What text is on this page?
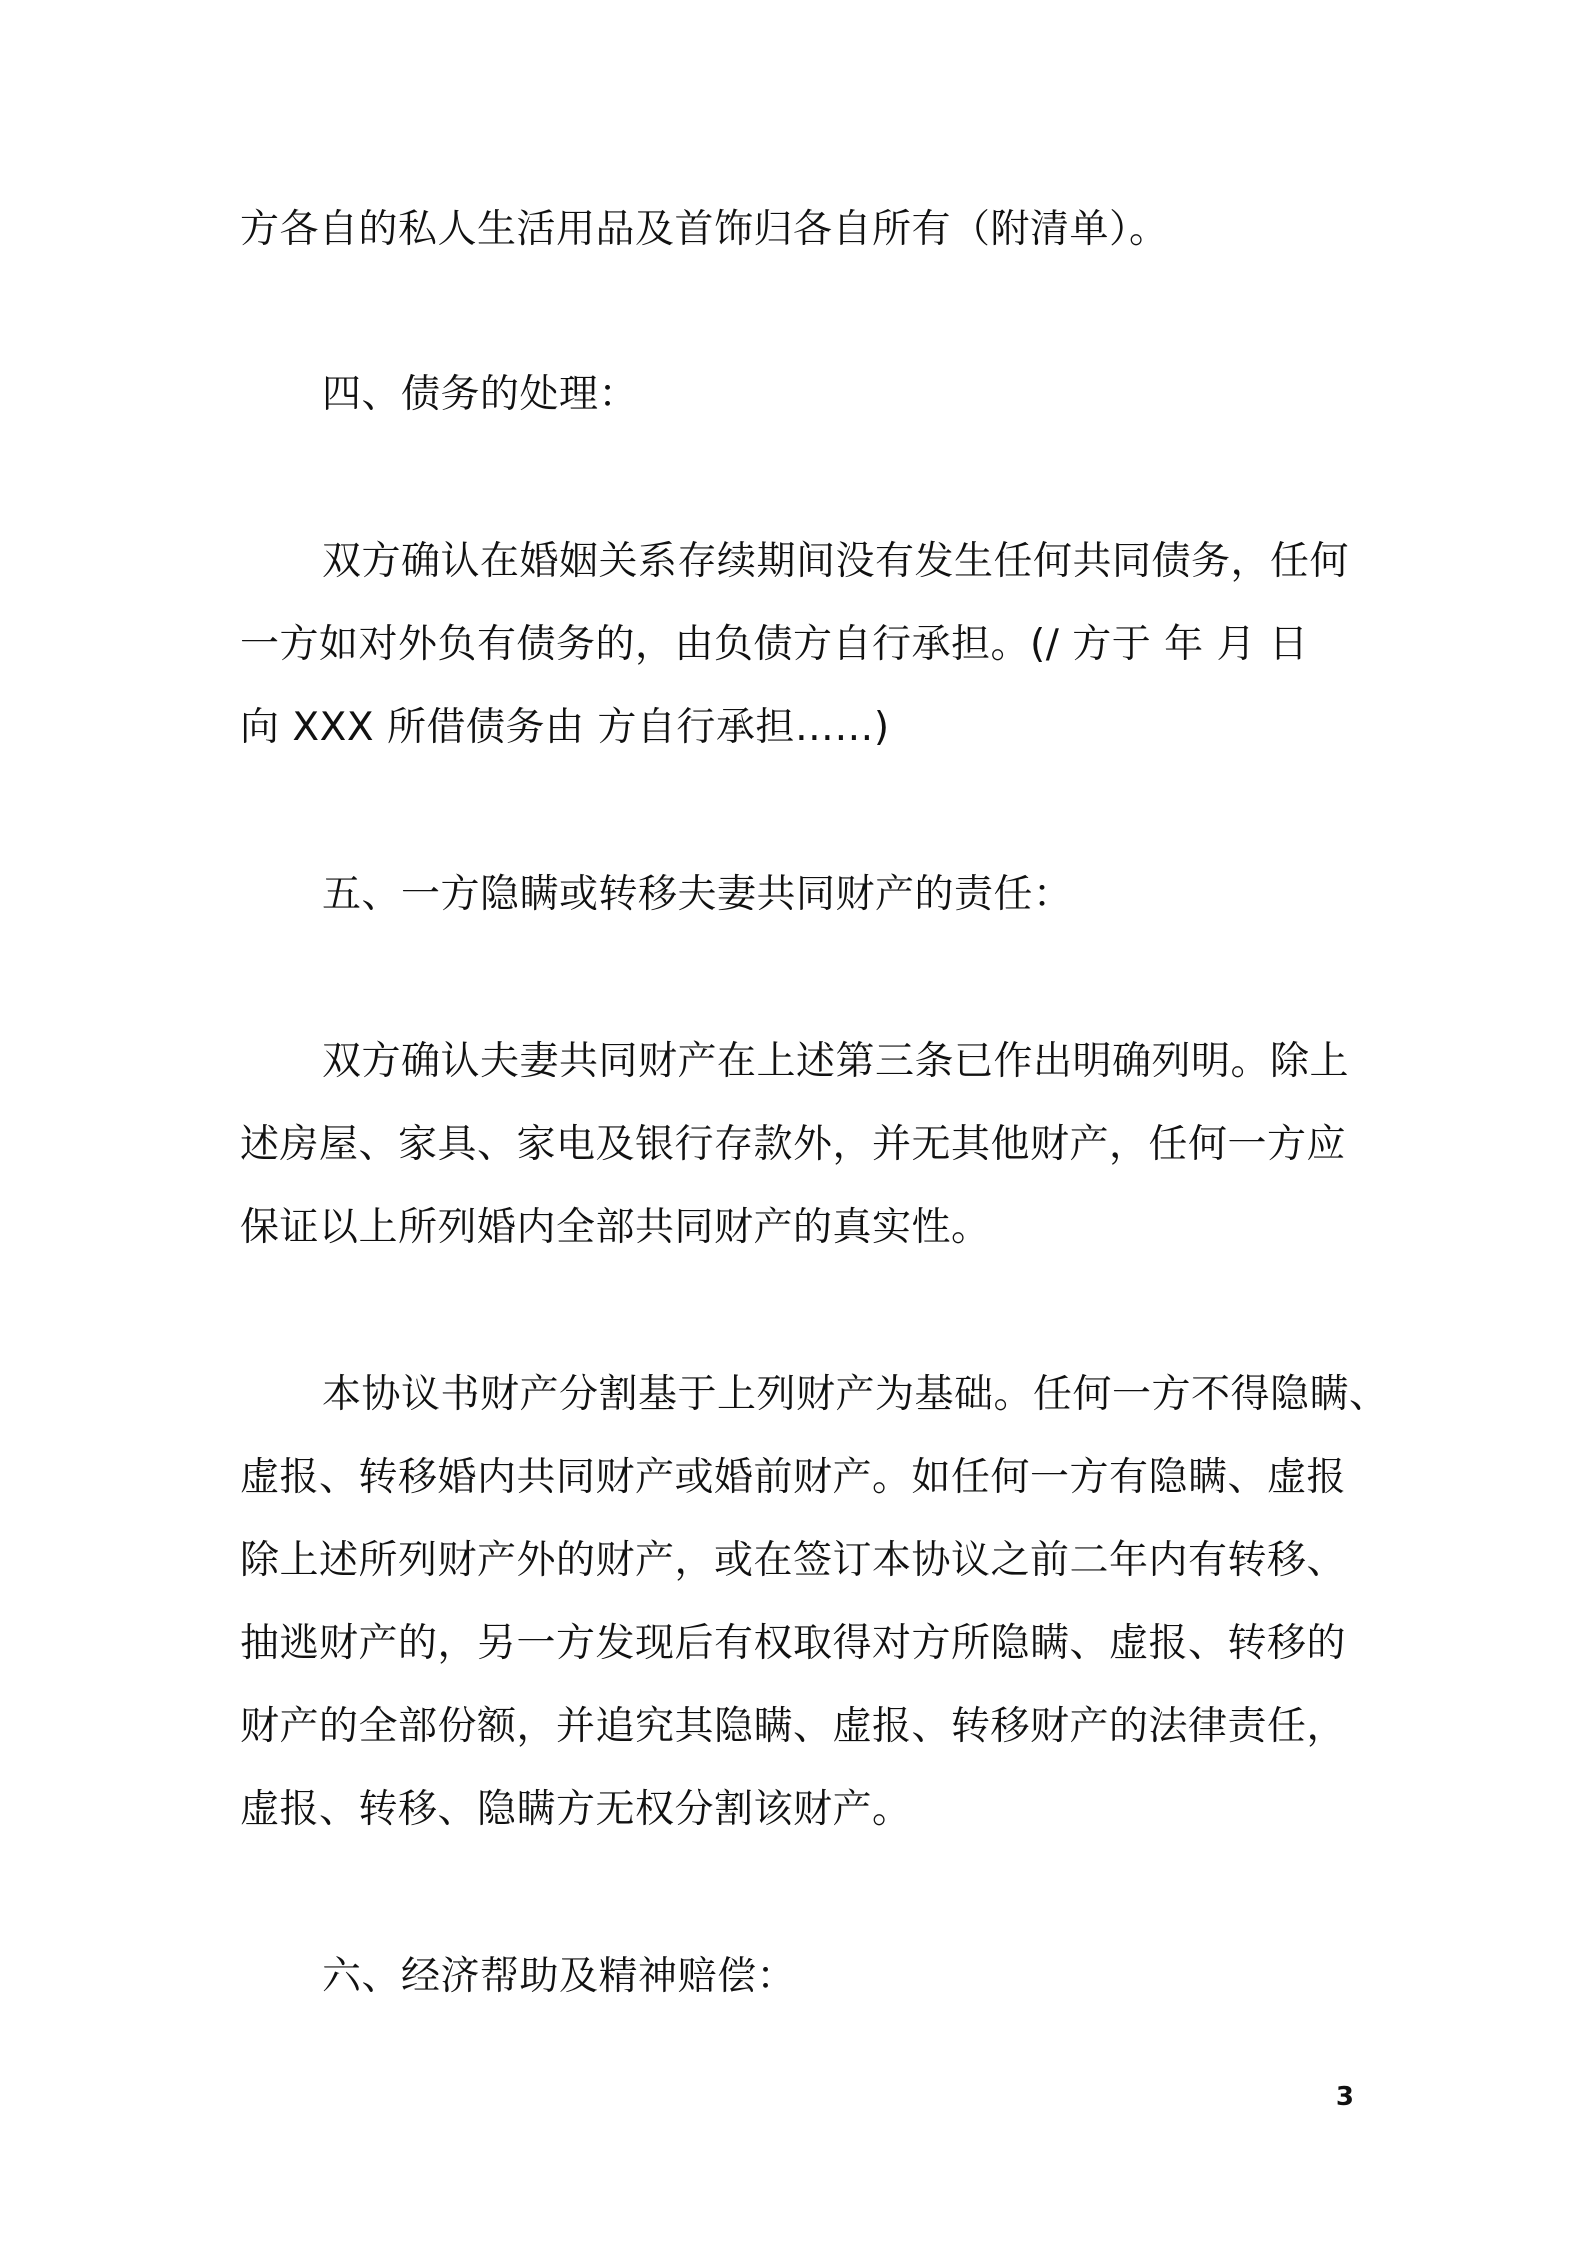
方各自的私人生活用品及首饰归各自所有（附清单）。
四、债务的处理：
双方确认在婚姻关系存续期间没有发生任何共同债务，任何
一方如对外负有债务的，由负债方自行承担。(/ 方于 年 月 日
向 XXX 所借债务由 方自行承担……)
五、一方隐瞒或转移夫妻共同财产的责任：
双方确认夫妻共同财产在上述第三条已作出明确列明。除上
述房屋、家具、家电及银行存款外，并无其他财产，任何一方应
保证以上所列婚内全部共同财产的真实性。
本协议书财产分割基于上列财产为基础。任何一方不得隐瞒、
虚报、转移婚内共同财产或婚前财产。如任何一方有隐瞒、虚报
除上述所列财产外的财产，或在签订本协议之前二年内有转移、
抽逃财产的，另一方发现后有权取得对方所隐瞒、虚报、转移的
财产的全部份额，并追究其隐瞒、虚报、转移财产的法律责任，
虚报、转移、隐瞒方无权分割该财产。
六、经济帮助及精神赔偿：
3
